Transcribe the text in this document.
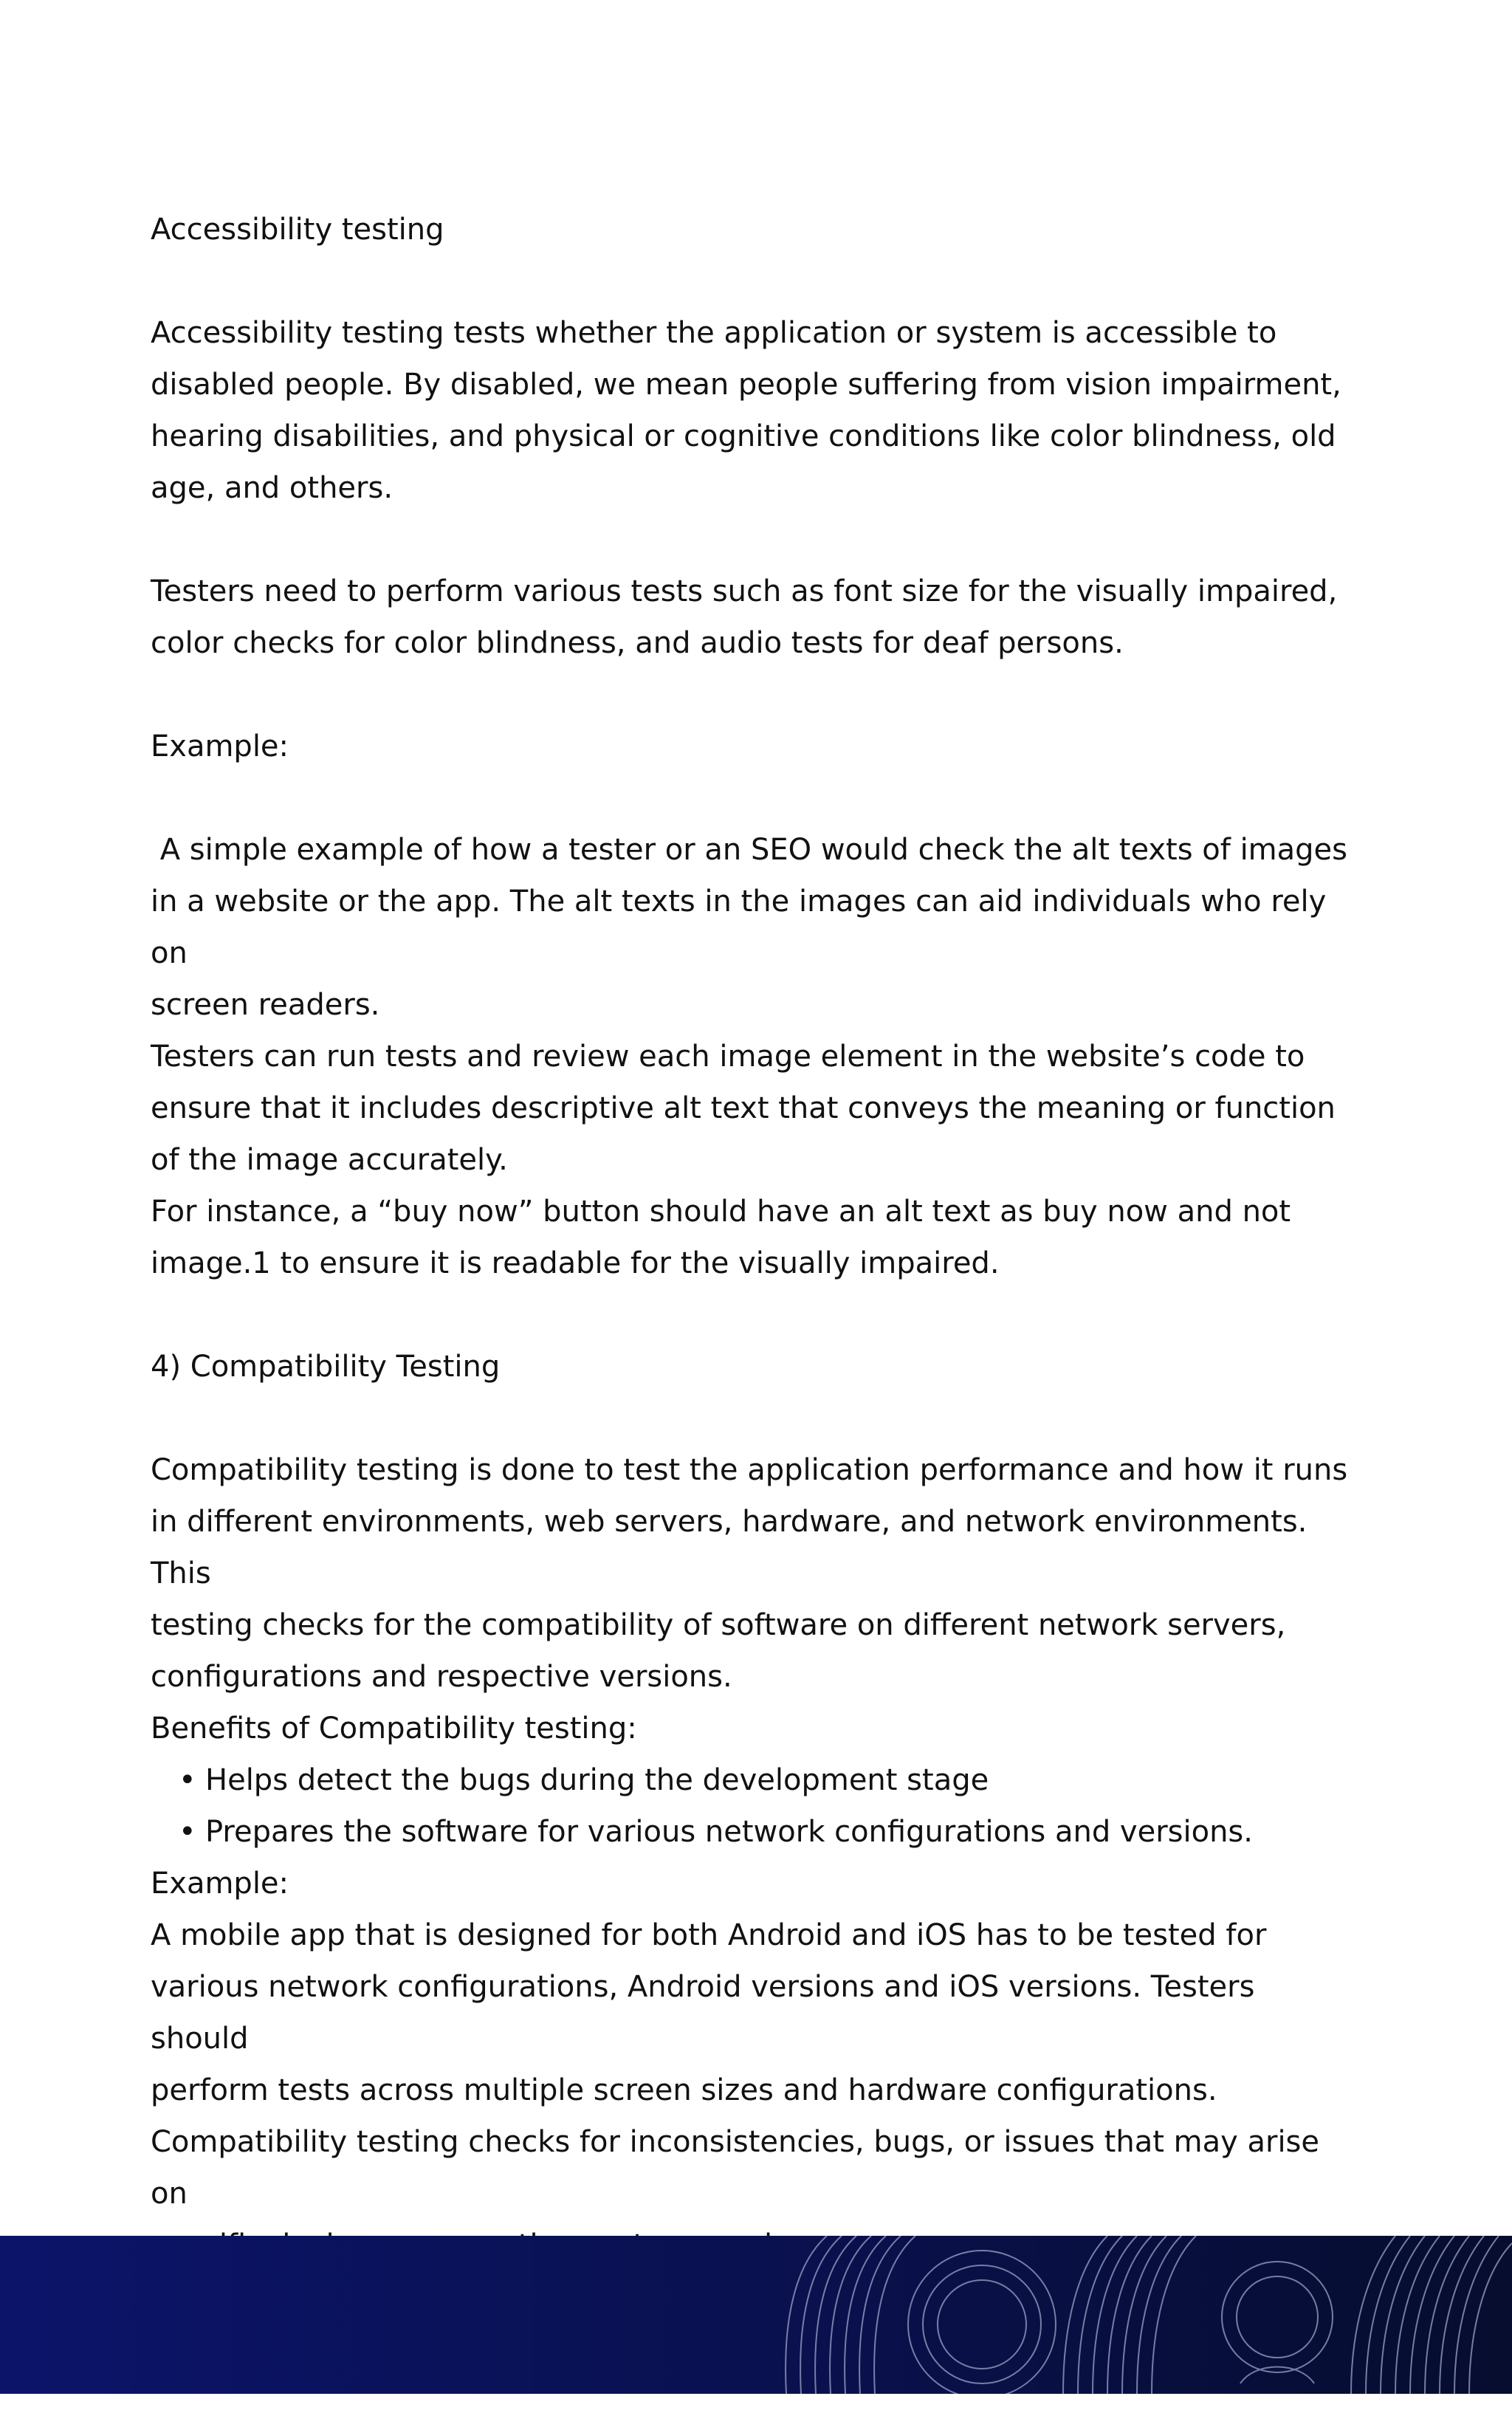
Accessibility testing

Accessibility testing tests whether the application or system is accessible to

disabled people. By disabled, we mean people suffering from vision impairment,

hearing disabilities, and physical or cognitive conditions like color blindness, old

age, and others.

Testers need to perform various tests such as font size for the visually impaired,

color checks for color blindness, and audio tests for deaf persons.

Example:

A simple example of how a tester or an SEO would check the alt texts of images

in a website or the app. The alt texts in the images can aid individuals who rely on

screen readers.

Testers can run tests and review each image element in the website’s code to

ensure that it includes descriptive alt text that conveys the meaning or function

of the image accurately.

For instance, a “buy now” button should have an alt text as buy now and not

image.1 to ensure it is readable for the visually impaired.

4) Compatibility Testing

Compatibility testing is done to test the application performance and how it runs

in different environments, web servers, hardware, and network environments. This

testing checks for the compatibility of software on different network servers,

configurations and respective versions.

Benefits of Compatibility testing:

• Helps detect the bugs during the development stage
• Prepares the software for various network configurations and versions.

Example:

A mobile app that is designed for both Android and iOS has to be tested for

various network configurations, Android versions and iOS versions. Testers should

perform tests across multiple screen sizes and hardware configurations.

Compatibility testing checks for inconsistencies, bugs, or issues that may arise on
